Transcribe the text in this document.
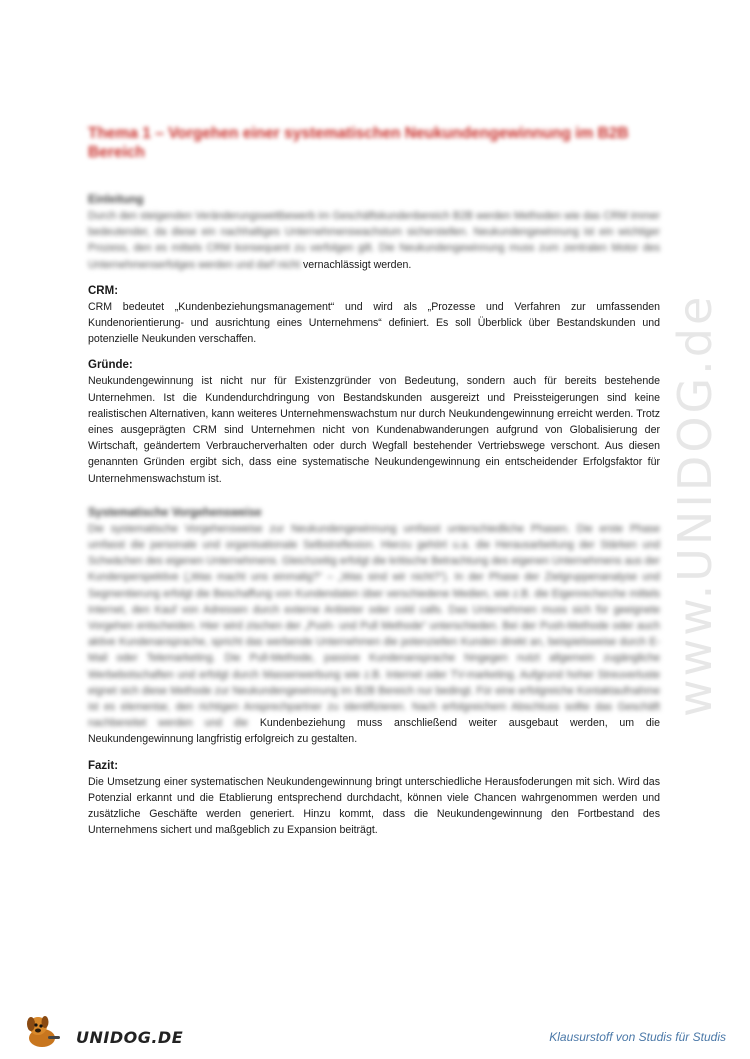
Thema 1 – Vorgehen einer systematischen Neukundengewinnung im B2B Bereich
Einleitung

Durch den steigenden Veränderungswettbewerb im Geschäftskundenbereich B2B werden Methoden wie das CRM immer bedeutender, da diese ein nachhaltiges Unternehmenswachstum sicherstellen. Neukundengewinnung ist ein wichtiger Prozess, den es mittels CRM konsequent zu verfolgen gilt. Die Neukundengewinnung muss zum zentralen Motor des Unternehmenserfolges werden und darf nicht vernachlässigt werden.

CRM:

CRM bedeutet „Kundenbeziehungsmanagement“ und wird als „Prozesse und Verfahren zur umfassenden Kundenorientierung- und ausrichtung eines Unternehmens“ definiert. Es soll Überblick über Bestandskunden und potenzielle Neukunden verschaffen.

Gründe:

Neukundengewinnung ist nicht nur für Existenzgründer von Bedeutung, sondern auch für bereits bestehende Unternehmen. Ist die Kundendurchdringung von Bestandskunden ausgereizt und Preissteigerungen sind keine realistischen Alternativen, kann weiteres Unternehmenswachstum nur durch Neukundengewinnung erreicht werden. Trotz eines ausgeprägten CRM sind Unternehmen nicht von Kundenabwanderungen aufgrund von Globalisierung der Wirtschaft, geändertem Verbraucherverhalten oder durch Wegfall bestehender Vertriebswege verschont. Aus diesen genannten Gründen ergibt sich, dass eine systematische Neukundengewinnung ein entscheidender Erfolgsfaktor für Unternehmenswachstum ist.

Systematische Vorgehensweise

Die systematische Vorgehensweise zur Neukundengewinnung umfasst unterschiedliche Phasen. Die erste Phase umfasst die personale und organisationale Selbstreflexion. Hierzu gehört u.a. die Herausarbeitung der Stärken und Schwächen des eigenen Unternehmens. Gleichzeitig erfolgt die kritische Betrachtung des eigenen Unternehmens aus der Kundenperspektive („Was macht uns einmalig?“ – „Was sind wir nicht?“). In der Phase der Zielgruppenanalyse und Segmentierung erfolgt die Beschaffung von Kundendaten über verschiedene Medien, wie z.B. die Eigenrecherche mittels Internet, den Kauf von Adressen durch externe Anbieter oder cold calls. Das Unternehmen muss sich für geeignete Vorgehen entscheiden. Hier wird zischen der „Push- und Pull Methode“ unterschieden. Bei der Push-Methode oder auch aktive Kundenansprache, spricht das werbende Unternehmen die potenziellen Kunden direkt an, beispielsweise durch E-Mail oder Telemarketing. Die Pull-Methode, passive Kundenansprache hingegen nutzt allgemein zugängliche Werbebotschaften und erfolgt durch Massenwerbung wie z.B. Internet oder TV-marketing. Aufgrund hoher Streuverluste eignet sich diese Methode zur Neukundengewinnung im B2B Bereich nur bedingt. Für eine erfolgreiche Kontaktaufnahme ist es elementar, den richtigen Ansprechpartner zu identifizieren. Nach erfolgreichem Abschluss sollte das Geschäft nachbereitet werden und die Kundenbeziehung muss anschließend weiter ausgebaut werden, um die Neukundengewinnung langfristig erfolgreich zu gestalten.

Fazit:

Die Umsetzung einer systematischen Neukundengewinnung bringt unterschiedliche Herausfoderungen mit sich. Wird das Potenzial erkannt und die Etablierung entsprechend durchdacht, können viele Chancen wahrgenommen werden und zusätzliche Geschäfte werden generiert. Hinzu kommt, dass die Neukundengewinnung den Fortbestand des Unternehmens sichert und maßgeblich zu Expansion beiträgt.

www.UNIDOG.de
UNIDOG.DE	Klausurstoff von Studis für Studis
